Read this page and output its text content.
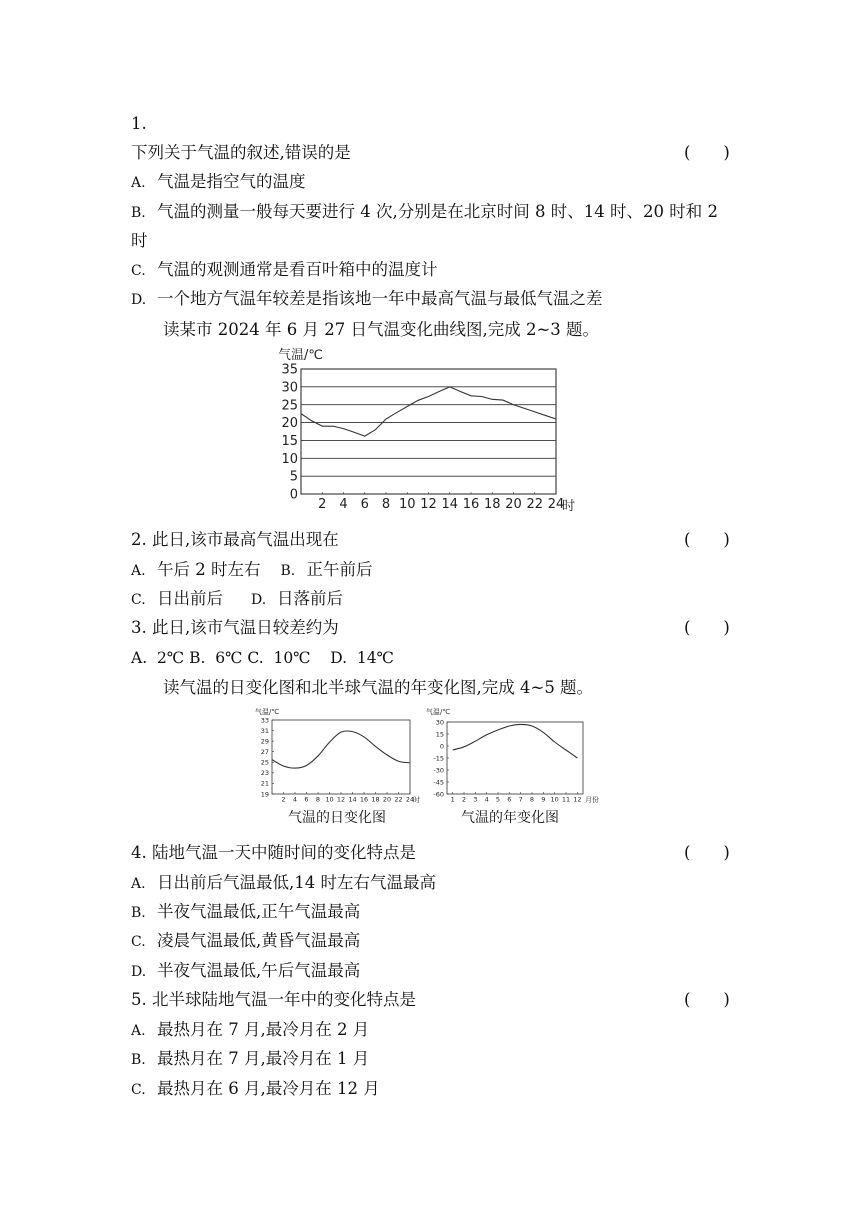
1.
下列关于气温的叙述,错误的是	(　　)
A. 气温是指空气的温度
B. 气温的测量一般每天要进行 4 次,分别是在北京时间 8 时、14 时、20 时和 2
时
C. 气温的观测通常是看百叶箱中的温度计
D. 一个地方气温年较差是指该地一年中最高气温与最低气温之差
读某市 2024 年 6 月 27 日气温变化曲线图,完成 2~3 题。
35
30
25
20
15
10
5
0
2 4 6 8 10 12 14 16 18 20 22 24
气温/℃
时
2. 此日,该市最高气温出现在	(　　)
A. 午后 2 时左右 B. 正午前后
C. 日出前后 D. 日落前后
3. 此日,该市气温日较差约为	(　　)
A.  2℃ B.  6℃ C.  10℃    D.  14℃
读气温的日变化图和北半球气温的年变化图,完成 4~5 题。
33
31
29
27
25
23
21
19
2 4 6 8 10 12 14 16 18 20 22 24
气温/℃
时
30
15
0
-15
-30
-45
-60
1 2 3 4 5 6 7 8 9 10 11 12
气温/℃
月份
气温的日变化图	气温的年变化图
4. 陆地气温一天中随时间的变化特点是	(　　)
A. 日出前后气温最低,14 时左右气温最高
B. 半夜气温最低,正午气温最高
C. 凌晨气温最低,黄昏气温最高
D. 半夜气温最低,午后气温最高
5. 北半球陆地气温一年中的变化特点是	(　　)
A. 最热月在 7 月,最冷月在 2 月
B. 最热月在 7 月,最冷月在 1 月
C. 最热月在 6 月,最冷月在 12 月
